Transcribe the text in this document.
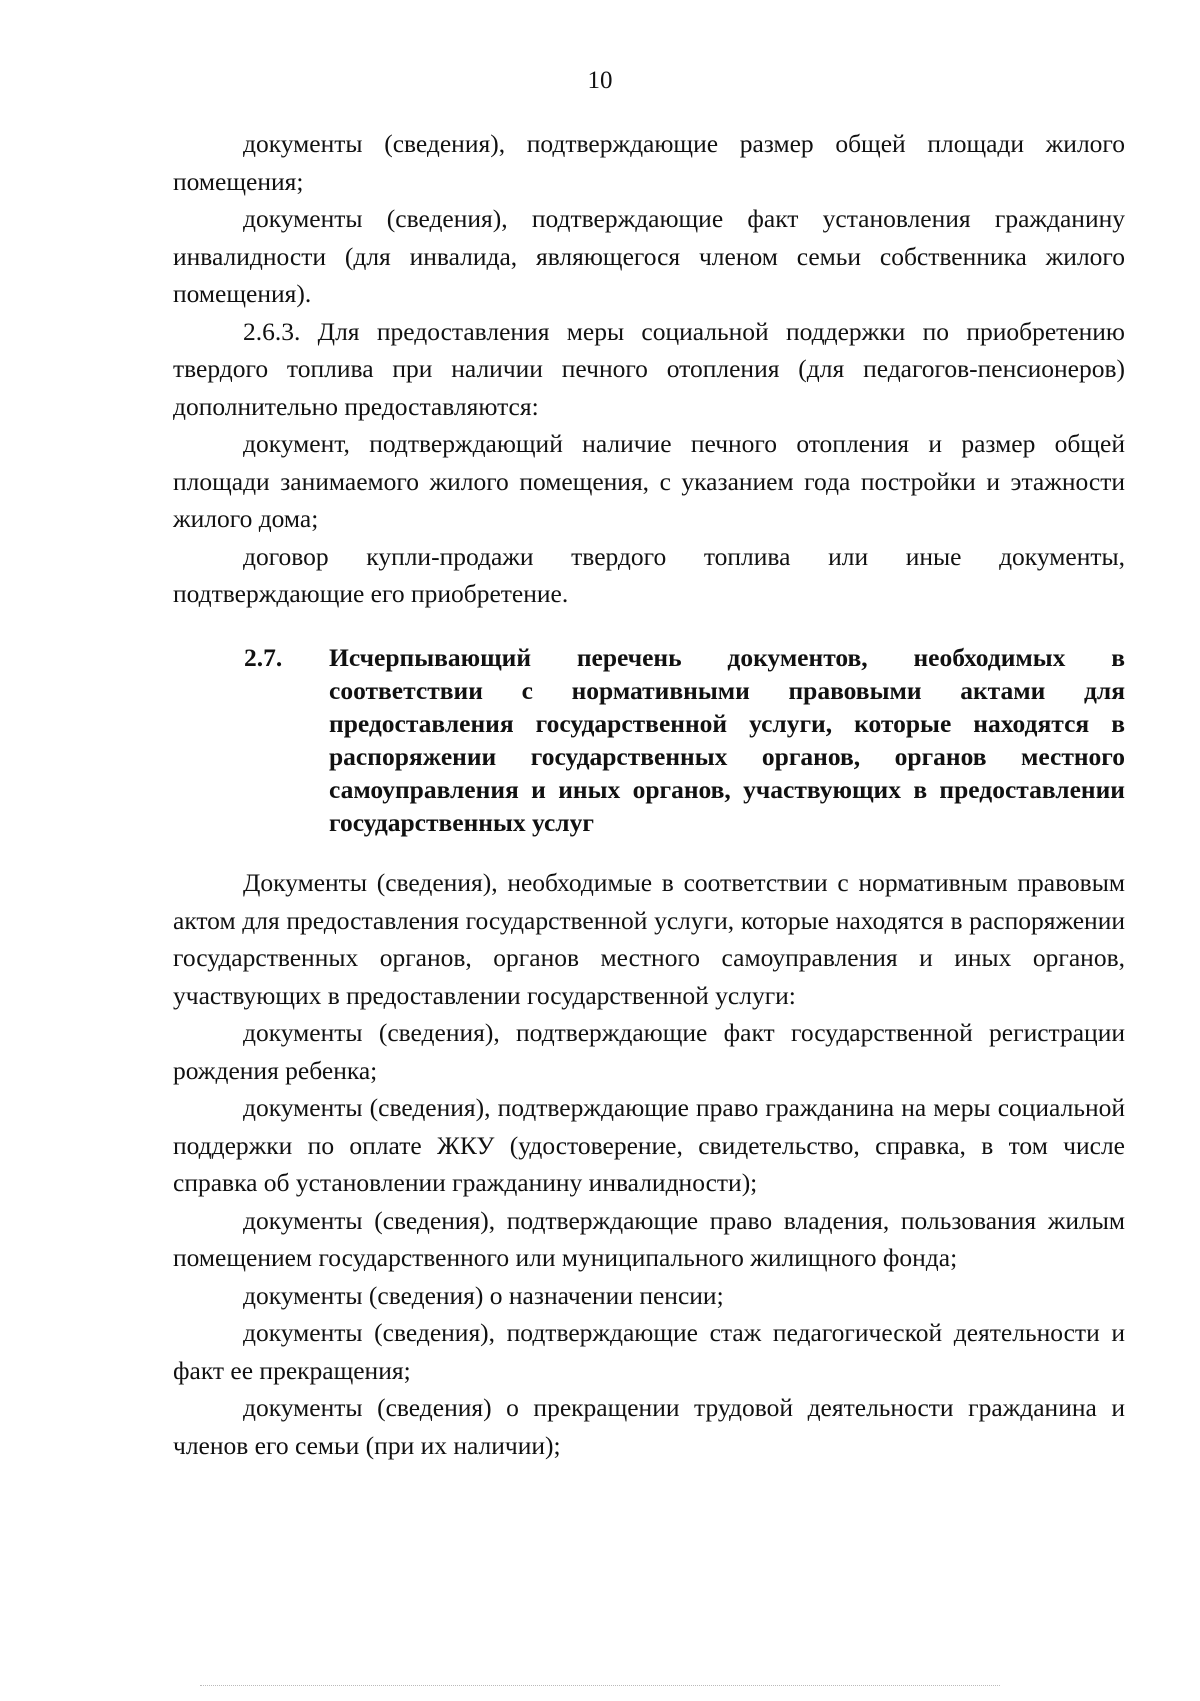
10

документы (сведения), подтверждающие размер общей площади жилого помещения;

документы (сведения), подтверждающие факт установления гражданину инвалидности (для инвалида, являющегося членом семьи собственника жилого помещения).

2.6.3. Для предоставления меры социальной поддержки по приобретению твердого топлива при наличии печного отопления (для педагогов-пенсионеров) дополнительно предоставляются:

документ, подтверждающий наличие печного отопления и размер общей площади занимаемого жилого помещения, с указанием года постройки и этажности жилого дома;

договор купли-продажи твердого топлива или иные документы, подтверждающие его приобретение.

2.7. Исчерпывающий перечень документов, необходимых в соответствии с нормативными правовыми актами для предоставления государственной услуги, которые находятся в распоряжении государственных органов, органов местного самоуправления и иных органов, участвующих в предоставлении государственных услуг

Документы (сведения), необходимые в соответствии с нормативным правовым актом для предоставления государственной услуги, которые находятся в распоряжении государственных органов, органов местного самоуправления и иных органов, участвующих в предоставлении государственной услуги:

документы (сведения), подтверждающие факт государственной регистрации рождения ребенка;

документы (сведения), подтверждающие право гражданина на меры социальной поддержки по оплате ЖКУ (удостоверение, свидетельство, справка, в том числе справка об установлении гражданину инвалидности);

документы (сведения), подтверждающие право владения, пользования жилым помещением государственного или муниципального жилищного фонда;

документы (сведения) о назначении пенсии;

документы (сведения), подтверждающие стаж педагогической деятельности и факт ее прекращения;

документы (сведения) о прекращении трудовой деятельности гражданина и членов его семьи (при их наличии);
